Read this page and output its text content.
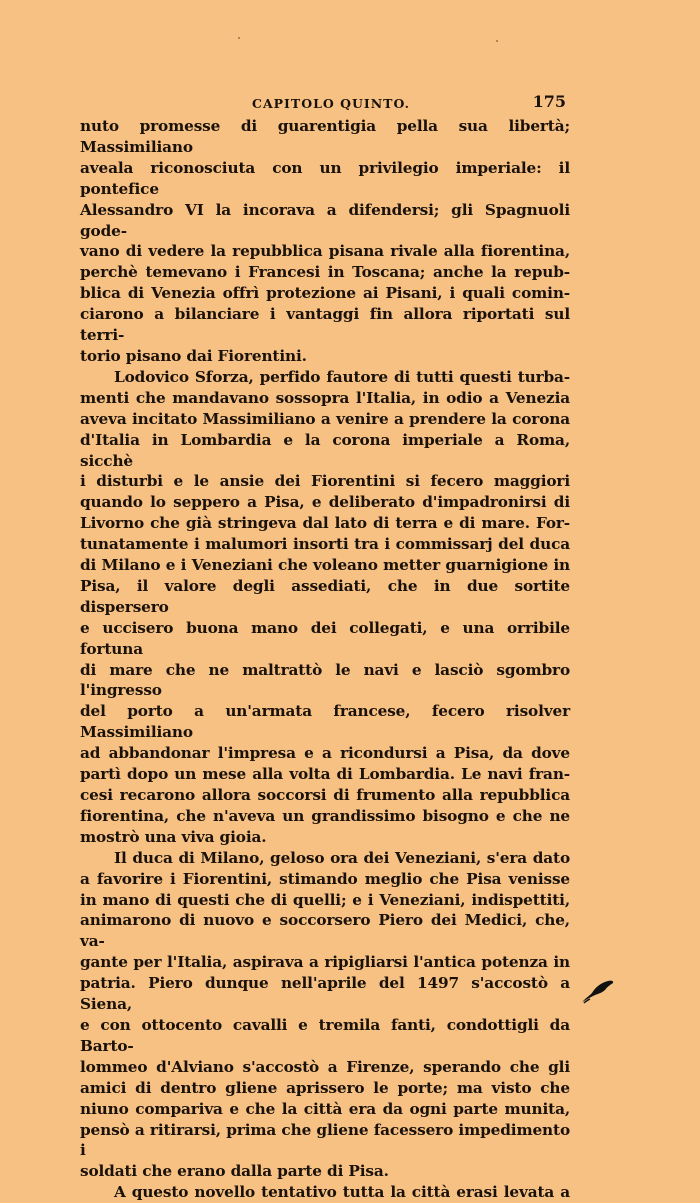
CAPITOLO QUINTO.	175

nuto promesse di guarentigia pella sua libertà; Massimiliano

aveala riconosciuta con un privilegio imperiale: il pontefice

Alessandro VI la incorava a difendersi; gli Spagnuoli gode-

vano di vedere la repubblica pisana rivale alla fiorentina,

perchè temevano i Francesi in Toscana; anche la repub-

blica di Venezia offrì protezione ai Pisani, i quali comin-

ciarono a bilanciare i vantaggi fin allora riportati sul terri-

torio pisano dai Fiorentini.

Lodovico Sforza, perfido fautore di tutti questi turba-

menti che mandavano sossopra l'Italia, in odio a Venezia

aveva incitato Massimiliano a venire a prendere la corona

d'Italia in Lombardia e la corona imperiale a Roma, sicchè

i disturbi e le ansie dei Fiorentini si fecero maggiori

quando lo seppero a Pisa, e deliberato d'impadronirsi di

Livorno che già stringeva dal lato di terra e di mare. For-

tunatamente i malumori insorti tra i commissarj del duca

di Milano e i Veneziani che voleano metter guarnigione in

Pisa, il valore degli assediati, che in due sortite dispersero

e uccisero buona mano dei collegati, e una orribile fortuna

di mare che ne maltrattò le navi e lasciò sgombro l'ingresso

del porto a un'armata francese, fecero risolver Massimiliano

ad abbandonar l'impresa e a ricondursi a Pisa, da dove

partì dopo un mese alla volta di Lombardia. Le navi fran-

cesi recarono allora soccorsi di frumento alla repubblica

fiorentina, che n'aveva un grandissimo bisogno e che ne

mostrò una viva gioia.

Il duca di Milano, geloso ora dei Veneziani, s'era dato

a favorire i Fiorentini, stimando meglio che Pisa venisse

in mano di questi che di quelli; e i Veneziani, indispettiti,

animarono di nuovo e soccorsero Piero dei Medici, che, va-

gante per l'Italia, aspirava a ripigliarsi l'antica potenza in

patria. Piero dunque nell'aprile del 1497 s'accostò a Siena,

e con ottocento cavalli e tremila fanti, condottigli da Barto-

lommeo d'Alviano s'accostò a Firenze, sperando che gli

amici di dentro gliene aprissero le porte; ma visto che

niuno compariva e che la città era da ogni parte munita,

pensò a ritirarsi, prima che gliene facessero impedimento i

soldati che erano dalla parte di Pisa.

A questo novello tentativo tutta la città erasi levata a
